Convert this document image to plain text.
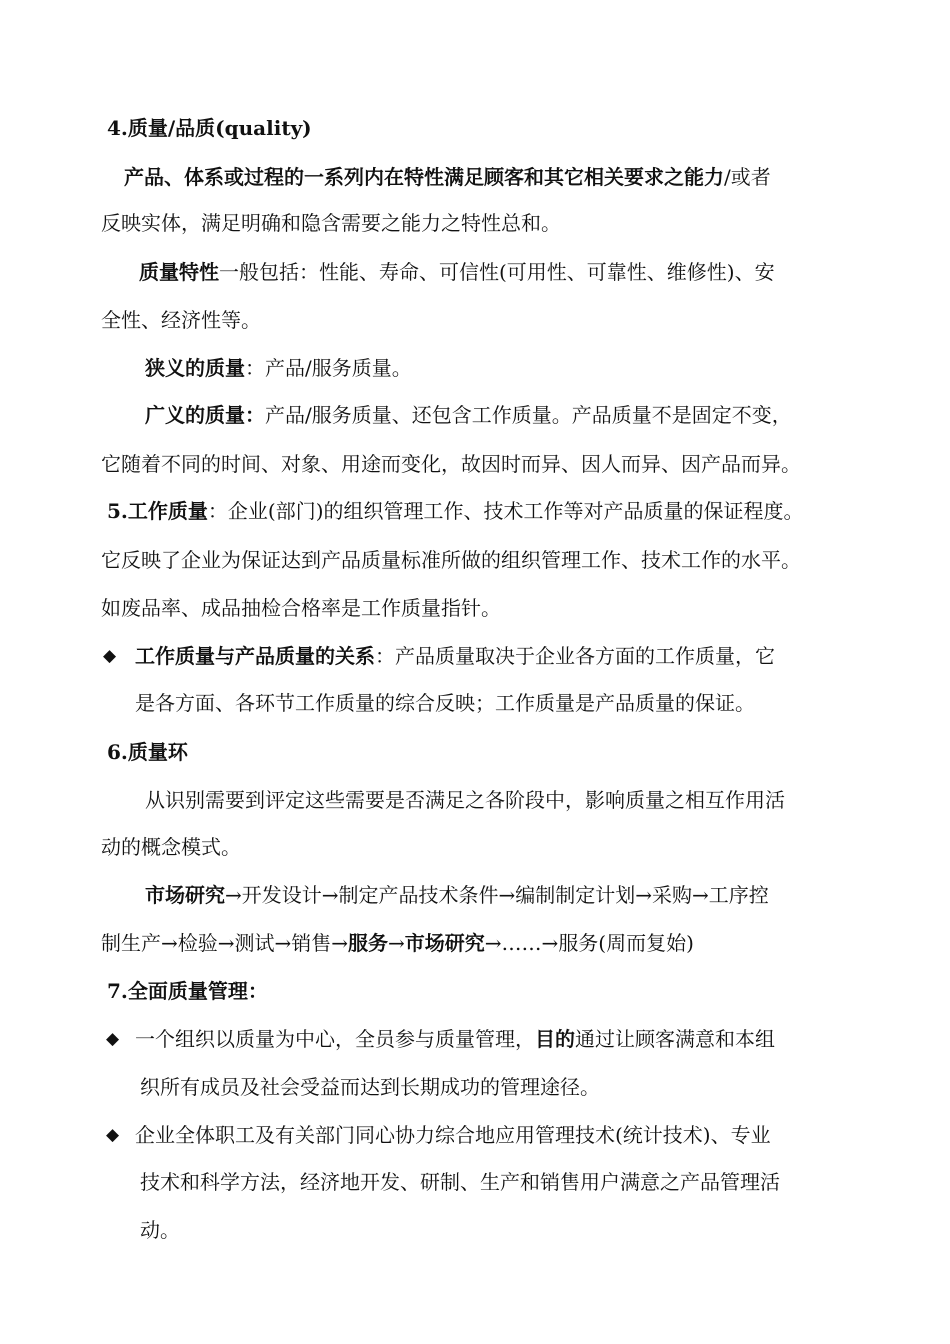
4.质量/品质(quality)
产品、体系或过程的一系列内在特性满足顾客和其它相关要求之能力/或者
反映实体，满足明确和隐含需要之能力之特性总和。
质量特性一般包括：性能、寿命、可信性(可用性、可靠性、维修性)、安
全性、经济性等。
狭义的质量：产品/服务质量。
广义的质量：产品/服务质量、还包含工作质量。产品质量不是固定不变，
它随着不同的时间、对象、用途而变化，故因时而异、因人而异、因产品而异。
5.工作质量：企业(部门)的组织管理工作、技术工作等对产品质量的保证程度。
它反映了企业为保证达到产品质量标准所做的组织管理工作、技术工作的水平。
如废品率、成品抽检合格率是工作质量指针。
◆ 工作质量与产品质量的关系：产品质量取决于企业各方面的工作质量，它
是各方面、各环节工作质量的综合反映；工作质量是产品质量的保证。
6.质量环
从识别需要到评定这些需要是否满足之各阶段中，影响质量之相互作用活
动的概念模式。
市场研究→开发设计→制定产品技术条件→编制制定计划→采购→工序控
制生产→检验→测试→销售→服务→市场研究→……→服务(周而复始)
7.全面质量管理：
◆ 一个组织以质量为中心，全员参与质量管理，目的通过让顾客满意和本组
织所有成员及社会受益而达到长期成功的管理途径。
◆ 企业全体职工及有关部门同心协力综合地应用管理技术(统计技术)、专业
技术和科学方法，经济地开发、研制、生产和销售用户满意之产品管理活
动。
